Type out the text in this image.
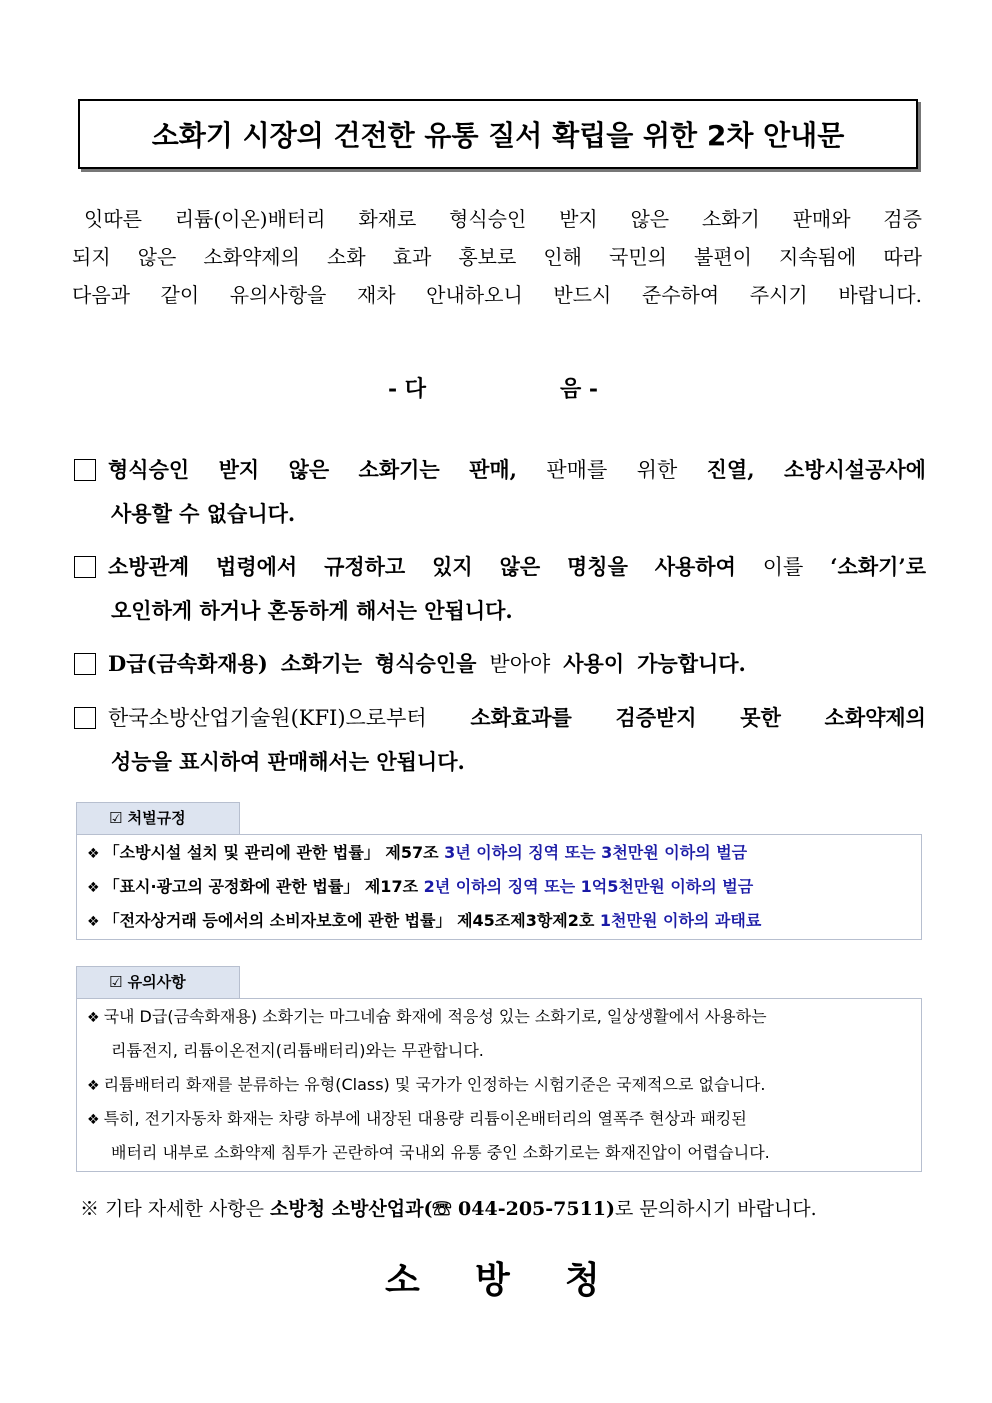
소화기 시장의 건전한 유통 질서 확립을 위한 2차 안내문
잇따른 리튬(이온)배터리 화재로 형식승인 받지 않은 소화기 판매와 검증
되지 않은 소화약제의 소화 효과 홍보로 인해 국민의 불편이 지속됨에 따라
다음과 같이 유의사항을 재차 안내하오니 반드시 준수하여 주시기 바랍니다.
- 다	음 -
형식승인 받지 않은 소화기는 판매, 판매를 위한 진열, 소방시설공사에
사용할 수 없습니다.
소방관계 법령에서 규정하고 있지 않은 명칭을 사용하여 이를 ‘소화기’로
오인하게 하거나 혼동하게 해서는 안됩니다.
D급(금속화재용) 소화기는 형식승인을 받아야 사용이 가능합니다.
한국소방산업기술원(KFI)으로부터 소화효과를 검증받지 못한 소화약제의
성능을 표시하여 판매해서는 안됩니다.
☑ 처벌규정
❖ 「소방시설 설치 및 관리에 관한 법률」 제57조 3년 이하의 징역 또는 3천만원 이하의 벌금
❖ 「표시·광고의 공정화에 관한 법률」 제17조 2년 이하의 징역 또는 1억5천만원 이하의 벌금
❖ 「전자상거래 등에서의 소비자보호에 관한 법률」 제45조제3항제2호 1천만원 이하의 과태료
☑ 유의사항
❖ 국내 D급(금속화재용) 소화기는 마그네슘 화재에 적응성 있는 소화기로, 일상생활에서 사용하는
리튬전지, 리튬이온전지(리튬배터리)와는 무관합니다.
❖ 리튬배터리 화재를 분류하는 유형(Class) 및 국가가 인정하는 시험기준은 국제적으로 없습니다.
❖ 특히, 전기자동차 화재는 차량 하부에 내장된 대용량 리튬이온배터리의 열폭주 현상과 패킹된
배터리 내부로 소화약제 침투가 곤란하여 국내외 유통 중인 소화기로는 화재진압이 어렵습니다.
※ 기타 자세한 사항은 소방청 소방산업과(☏ 044-205-7511)로 문의하시기 바랍니다.
소 방 청
